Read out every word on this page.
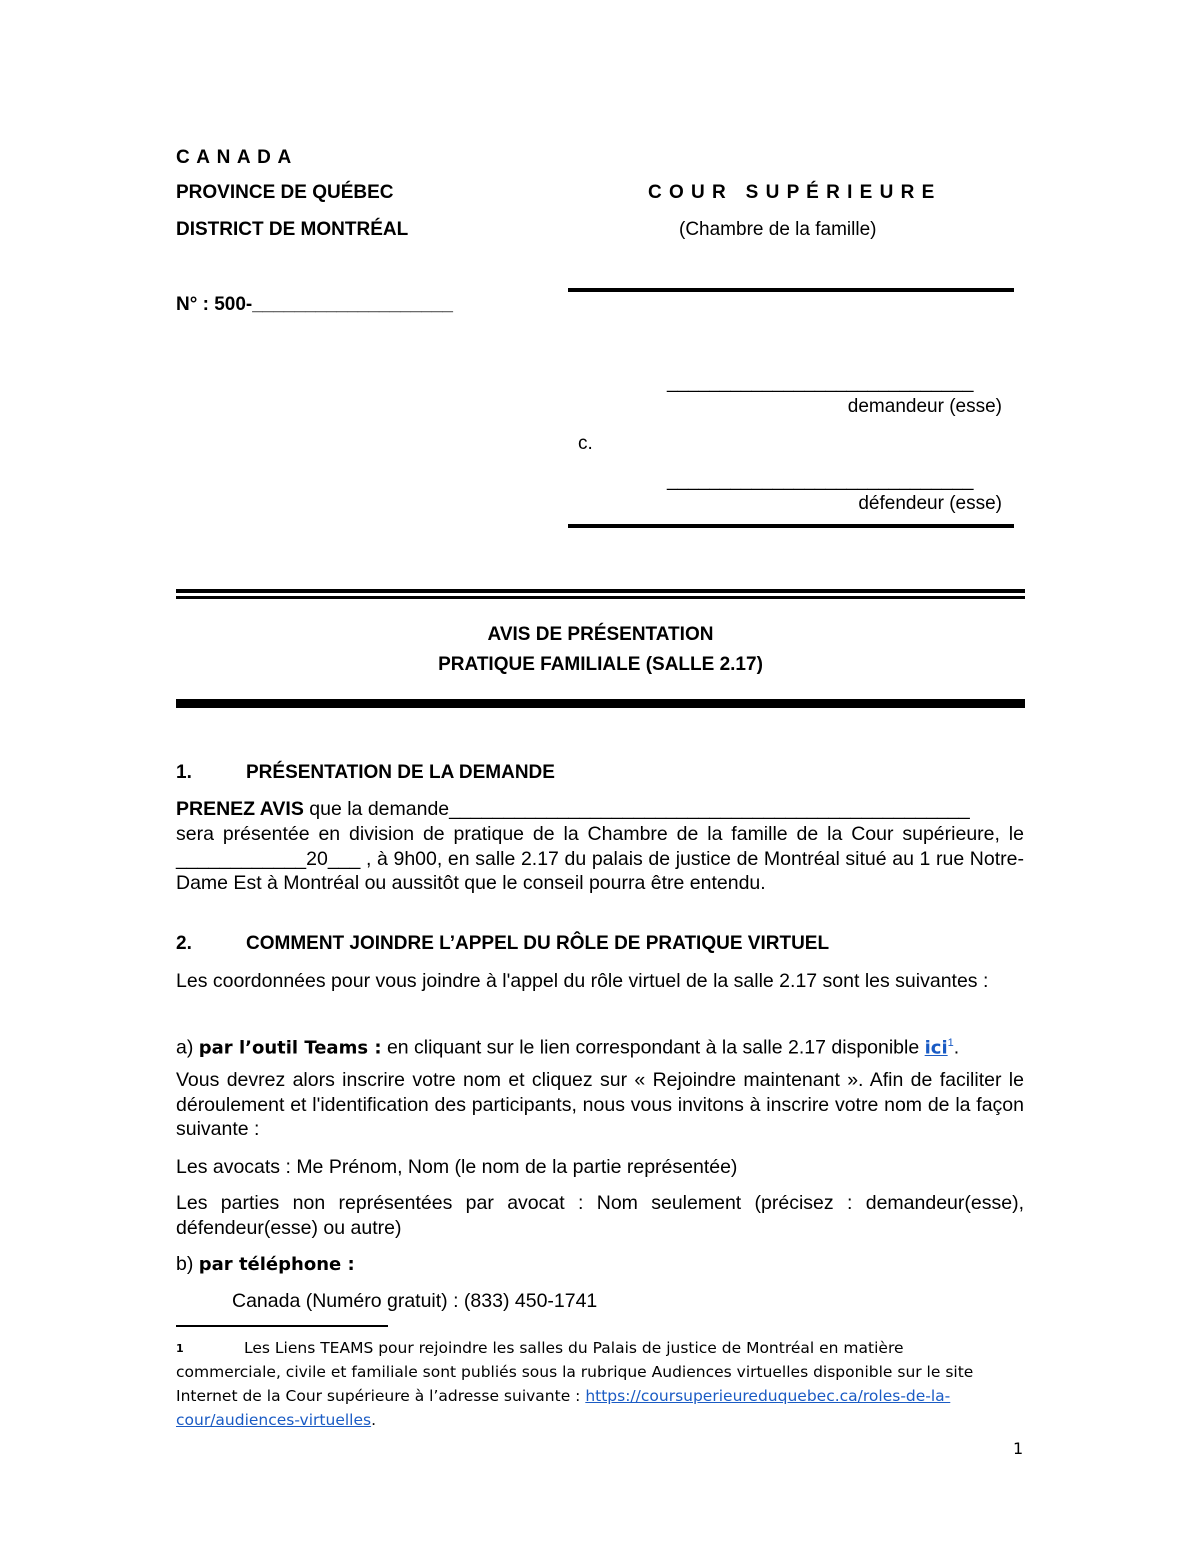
C A N A D A
PROVINCE DE QUÉBEC
DISTRICT DE MONTRÉAL
C O U R   S U P É R I E U R E
(Chambre de la famille)
N° : 500-___________________
_____________________________
demandeur (esse)
c.
_____________________________
défendeur (esse)
AVIS DE PRÉSENTATION
PRATIQUE FAMILIALE (SALLE 2.17)
1.	PRÉSENTATION DE LA DEMANDE
PRENEZ AVIS que la demande________________________________________________
sera présentée en division de pratique de la Chambre de la famille de la Cour supérieure, le ____________20___ , à 9h00, en salle 2.17 du palais de justice de Montréal situé au 1 rue Notre-Dame Est à Montréal ou aussitôt que le conseil pourra être entendu.
2.	COMMENT JOINDRE L’APPEL DU RÔLE DE PRATIQUE VIRTUEL
Les coordonnées pour vous joindre à l'appel du rôle virtuel de la salle 2.17 sont les suivantes :
a) par l’outil Teams : en cliquant sur le lien correspondant à la salle 2.17 disponible ici$^1$.
Vous devrez alors inscrire votre nom et cliquez sur « Rejoindre maintenant ». Afin de faciliter le déroulement et l'identification des participants, nous vous invitons à inscrire votre nom de la façon suivante :
Les avocats : Me Prénom, Nom (le nom de la partie représentée)
Les parties non représentées par avocat : Nom seulement (précisez : demandeur(esse), défendeur(esse) ou autre)
b) par téléphone :
Canada (Numéro gratuit) : (833) 450-1741
1	Les Liens TEAMS pour rejoindre les salles du Palais de justice de Montréal en matière commerciale, civile et familiale sont publiés sous la rubrique Audiences virtuelles disponible sur le site Internet de la Cour supérieure à l’adresse suivante : https://coursuperieureduquebec.ca/roles-de-la-cour/audiences-virtuelles.
1
